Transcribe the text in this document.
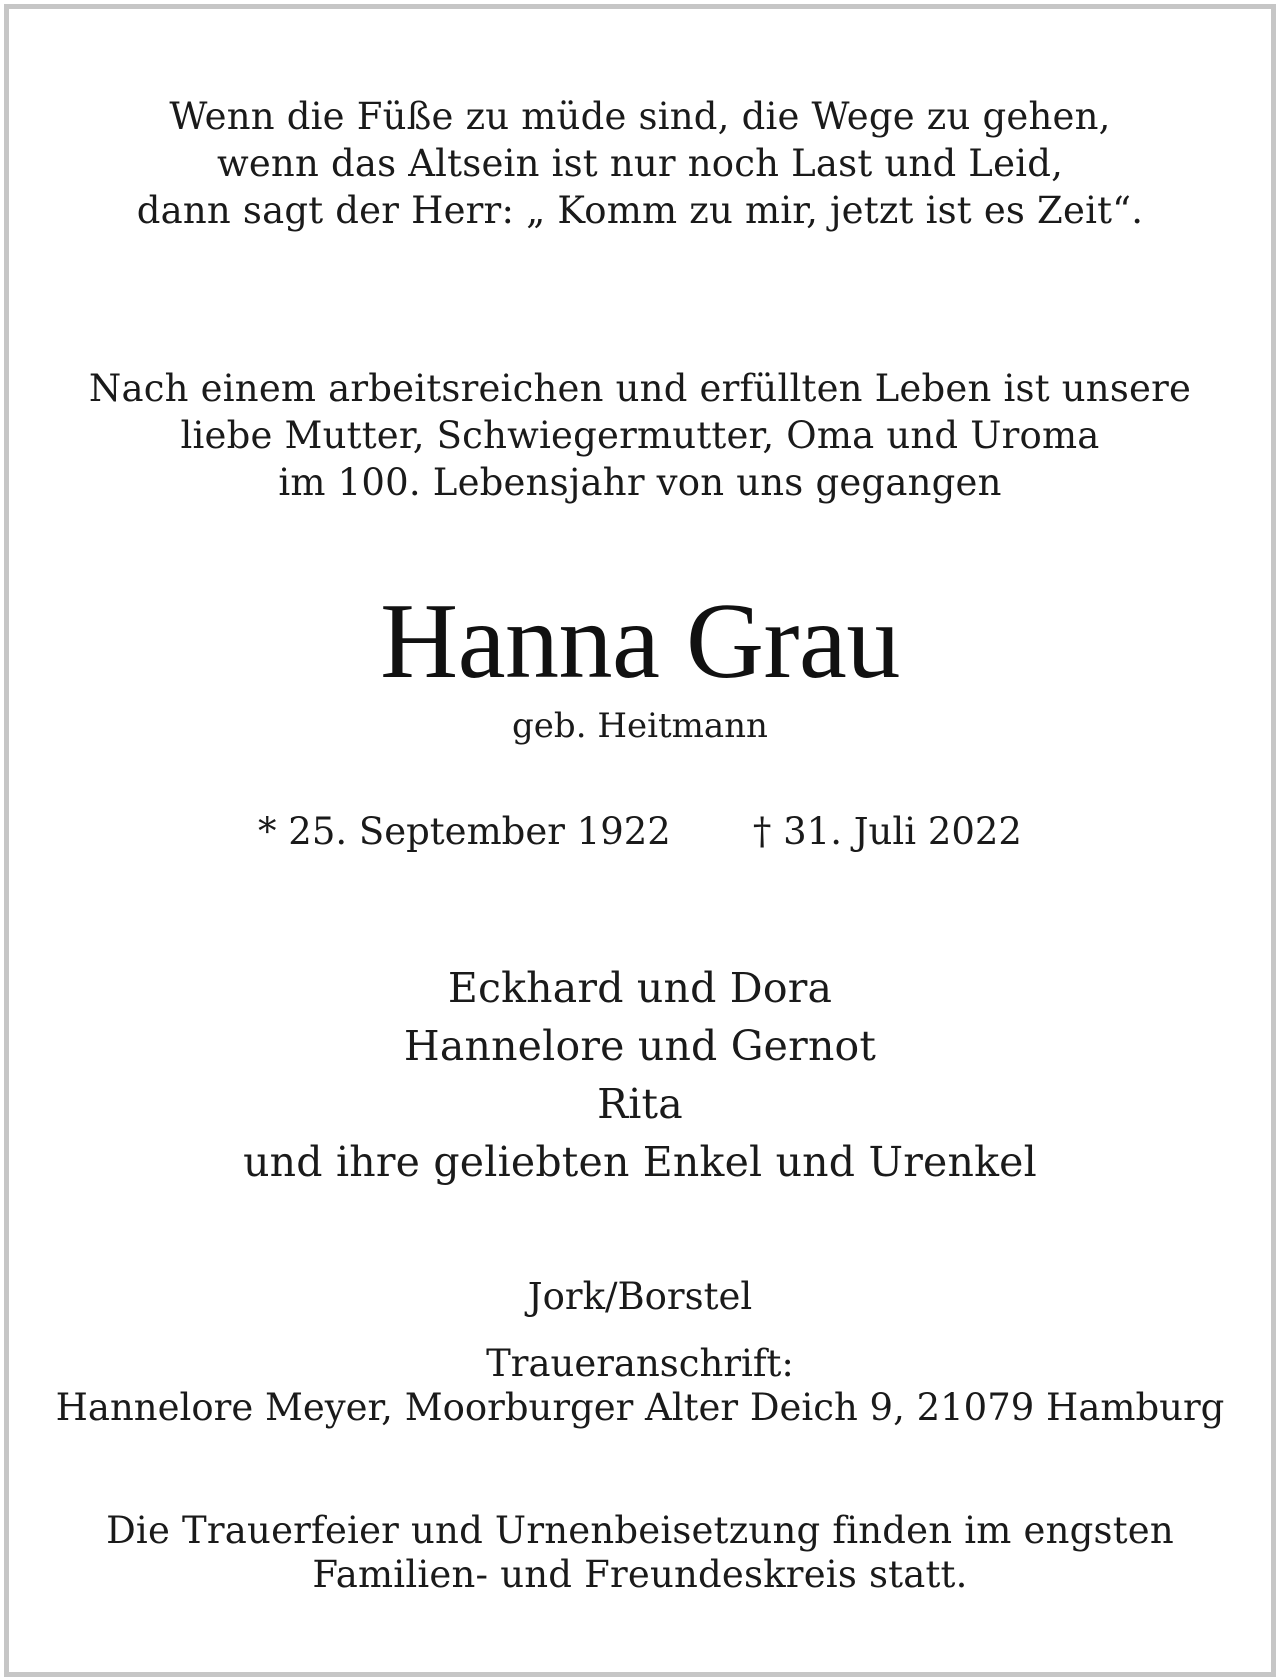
Wenn die Füße zu müde sind, die Wege zu gehen,
wenn das Altsein ist nur noch Last und Leid,
dann sagt der Herr: „ Komm zu mir, jetzt ist es Zeit“.
Nach einem arbeitsreichen und erfüllten Leben ist unsere
liebe Mutter, Schwiegermutter, Oma und Uroma
im 100. Lebensjahr von uns gegangen
Hanna Grau
geb. Heitmann
* 25. September 1922 † 31. Juli 2022
Eckhard und Dora
Hannelore und Gernot
Rita
und ihre geliebten Enkel und Urenkel
Jork/Borstel
Traueranschrift:
Hannelore Meyer, Moorburger Alter Deich 9, 21079 Hamburg
Die Trauerfeier und Urnenbeisetzung finden im engsten
Familien- und Freundeskreis statt.
